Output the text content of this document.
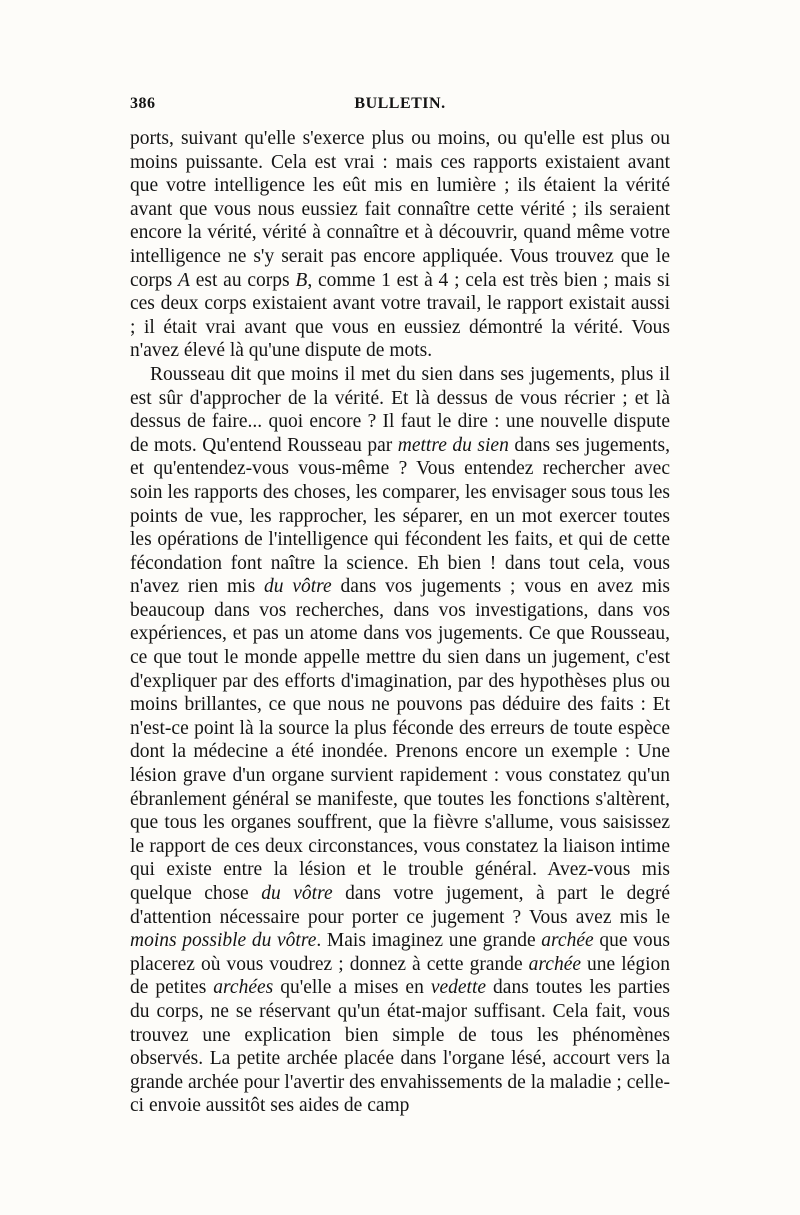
386	BULLETIN.

ports, suivant qu'elle s'exerce plus ou moins, ou qu'elle est plus ou moins puissante. Cela est vrai : mais ces rapports existaient avant que votre intelligence les eût mis en lumière ; ils étaient la vérité avant que vous nous eussiez fait connaître cette vérité ; ils seraient encore la vérité, vérité à connaître et à découvrir, quand même votre intelligence ne s'y serait pas encore appliquée. Vous trouvez que le corps A est au corps B, comme 1 est à 4 ; cela est très bien ; mais si ces deux corps existaient avant votre travail, le rapport existait aussi ; il était vrai avant que vous en eussiez démontré la vérité. Vous n'avez élevé là qu'une dispute de mots.

Rousseau dit que moins il met du sien dans ses jugements, plus il est sûr d'approcher de la vérité. Et là dessus de vous récrier ; et là dessus de faire... quoi encore ? Il faut le dire : une nouvelle dispute de mots. Qu'entend Rousseau par mettre du sien dans ses jugements, et qu'entendez-vous vous-même ? Vous entendez rechercher avec soin les rapports des choses, les comparer, les envisager sous tous les points de vue, les rapprocher, les séparer, en un mot exercer toutes les opérations de l'intelligence qui fécondent les faits, et qui de cette fécondation font naître la science. Eh bien ! dans tout cela, vous n'avez rien mis du vôtre dans vos jugements ; vous en avez mis beaucoup dans vos recherches, dans vos investigations, dans vos expériences, et pas un atome dans vos jugements. Ce que Rousseau, ce que tout le monde appelle mettre du sien dans un jugement, c'est d'expliquer par des efforts d'imagination, par des hypothèses plus ou moins brillantes, ce que nous ne pouvons pas déduire des faits : Et n'est-ce point là la source la plus féconde des erreurs de toute espèce dont la médecine a été inondée. Prenons encore un exemple : Une lésion grave d'un organe survient rapidement : vous constatez qu'un ébranlement général se manifeste, que toutes les fonctions s'altèrent, que tous les organes souffrent, que la fièvre s'allume, vous saisissez le rapport de ces deux circonstances, vous constatez la liaison intime qui existe entre la lésion et le trouble général. Avez-vous mis quelque chose du vôtre dans votre jugement, à part le degré d'attention nécessaire pour porter ce jugement ? Vous avez mis le moins possible du vôtre. Mais imaginez une grande archée que vous placerez où vous voudrez ; donnez à cette grande archée une légion de petites archées qu'elle a mises en vedette dans toutes les parties du corps, ne se réservant qu'un état-major suffisant. Cela fait, vous trouvez une explication bien simple de tous les phénomènes observés. La petite archée placée dans l'organe lésé, accourt vers la grande archée pour l'avertir des envahissements de la maladie ; celle-ci envoie aussitôt ses aides de camp
